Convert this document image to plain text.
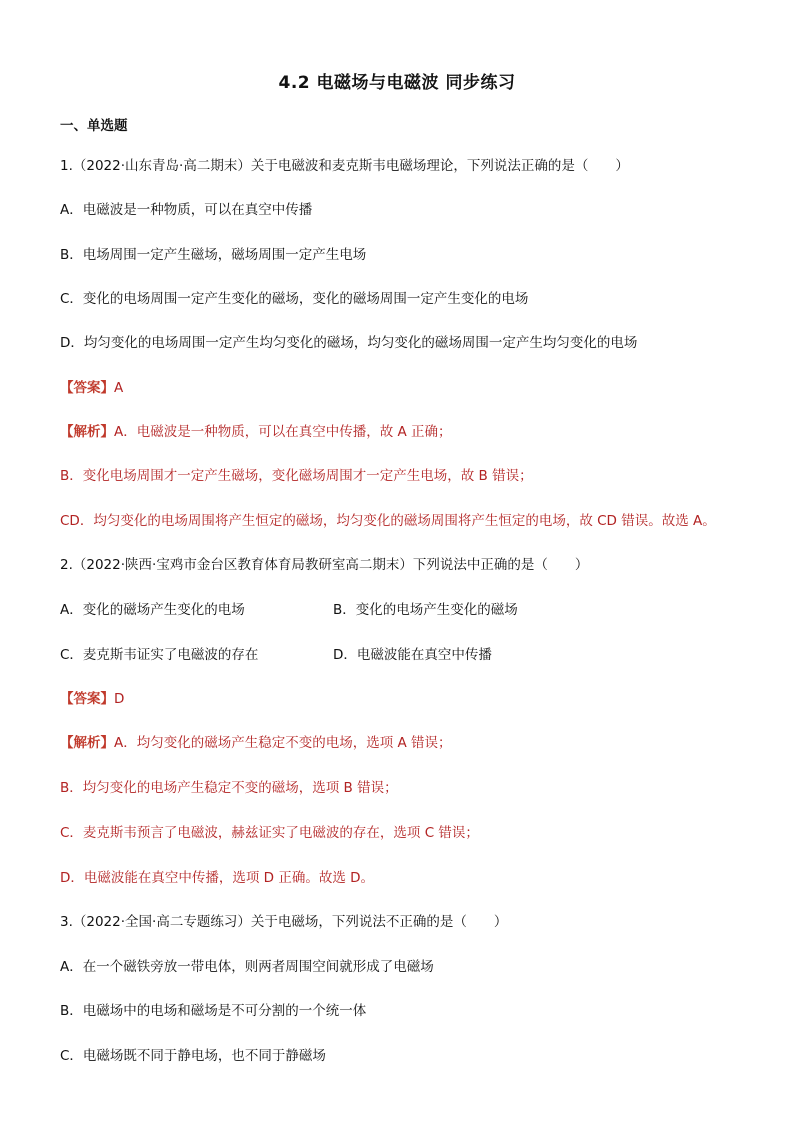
4.2 电磁场与电磁波 同步练习
一、单选题
1.（2022·山东青岛·高二期末）关于电磁波和麦克斯韦电磁场理论，下列说法正确的是（　　）
A．电磁波是一种物质，可以在真空中传播
B．电场周围一定产生磁场，磁场周围一定产生电场
C．变化的电场周围一定产生变化的磁场，变化的磁场周围一定产生变化的电场
D．均匀变化的电场周围一定产生均匀变化的磁场，均匀变化的磁场周围一定产生均匀变化的电场
【答案】A
【解析】A．电磁波是一种物质，可以在真空中传播，故 A 正确；
B．变化电场周围才一定产生磁场，变化磁场周围才一定产生电场，故 B 错误；
CD．均匀变化的电场周围将产生恒定的磁场，均匀变化的磁场周围将产生恒定的电场，故 CD 错误。故选 A。
2.（2022·陕西·宝鸡市金台区教育体育局教研室高二期末）下列说法中正确的是（　　）
A．变化的磁场产生变化的电场	B．变化的电场产生变化的磁场
C．麦克斯韦证实了电磁波的存在	D．电磁波能在真空中传播
【答案】D
【解析】A．均匀变化的磁场产生稳定不变的电场，选项 A 错误；
B．均匀变化的电场产生稳定不变的磁场，选项 B 错误；
C．麦克斯韦预言了电磁波，赫兹证实了电磁波的存在，选项 C 错误；
D．电磁波能在真空中传播，选项 D 正确。故选 D。
3.（2022·全国·高二专题练习）关于电磁场，下列说法不正确的是（　　）
A．在一个磁铁旁放一带电体，则两者周围空间就形成了电磁场
B．电磁场中的电场和磁场是不可分割的一个统一体
C．电磁场既不同于静电场，也不同于静磁场
